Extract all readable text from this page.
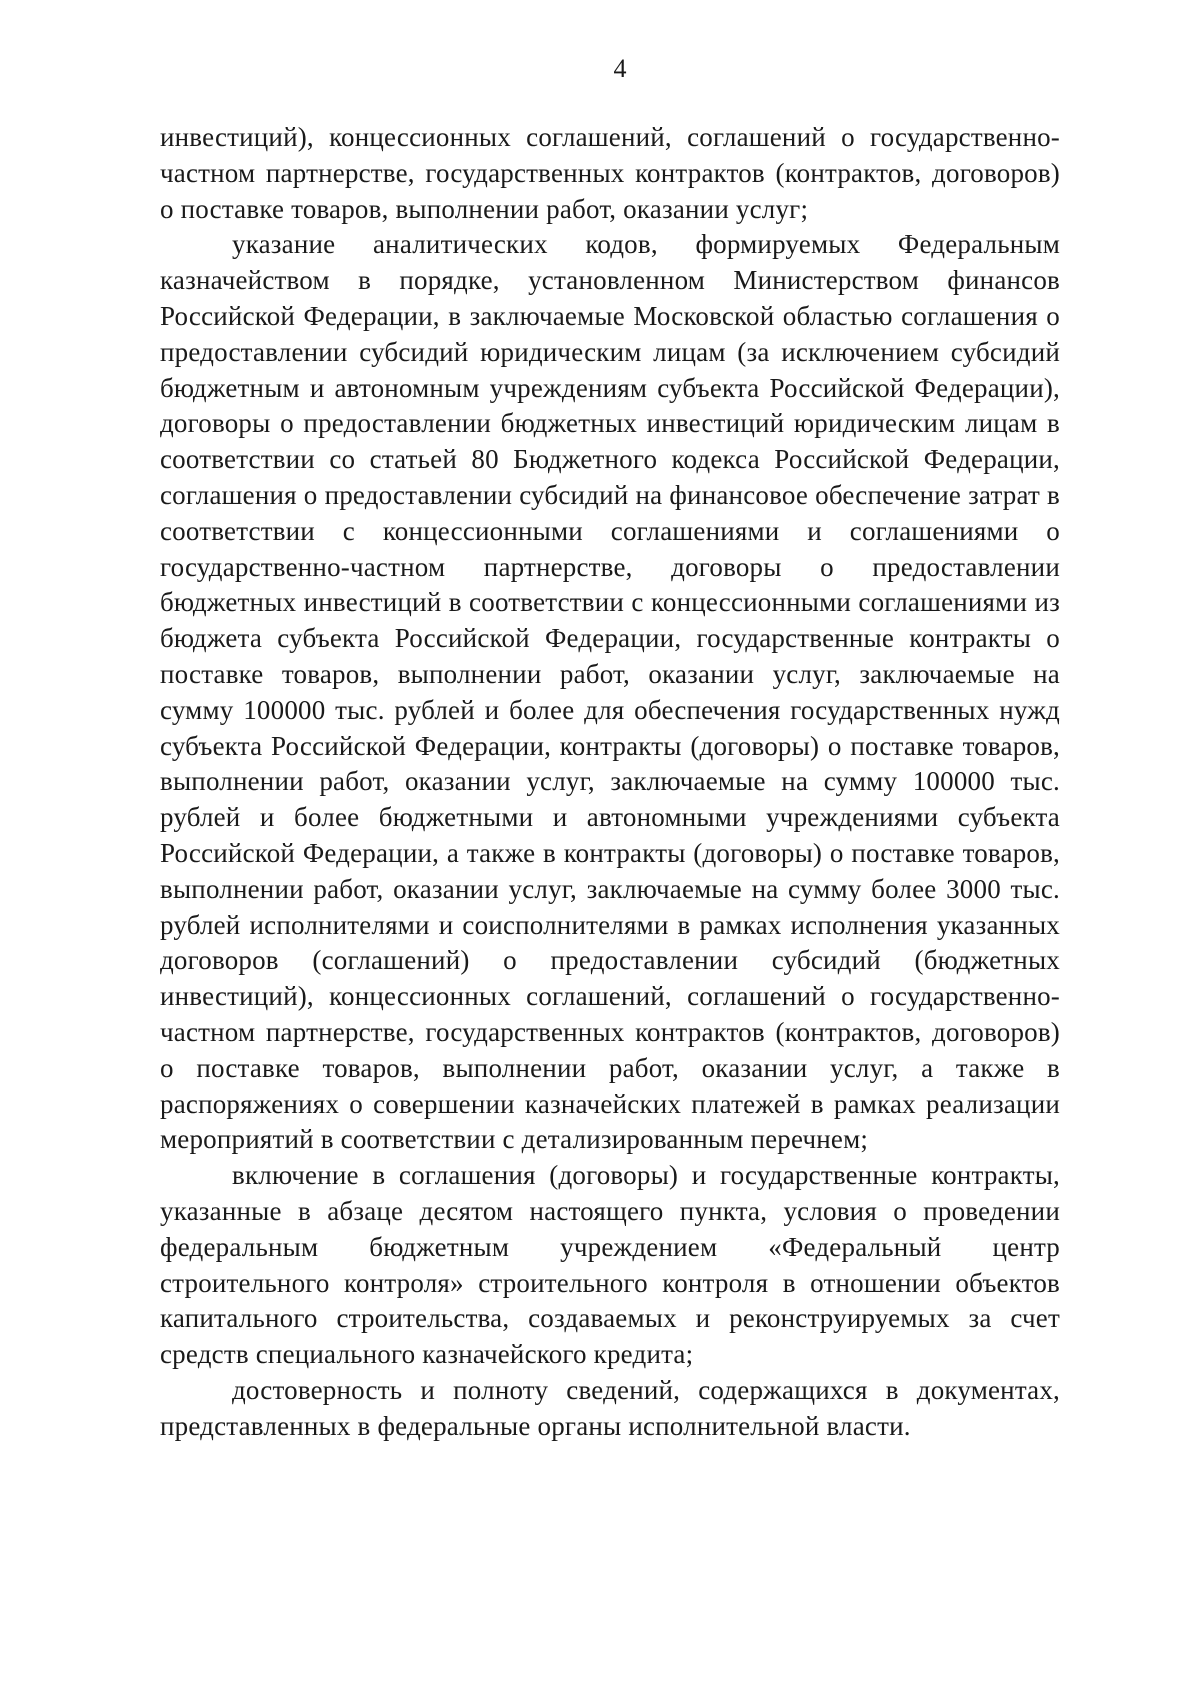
4

инвестиций), концессионных соглашений, соглашений о государственно-частном партнерстве, государственных контрактов (контрактов, договоров) о поставке товаров, выполнении работ, оказании услуг;

указание аналитических кодов, формируемых Федеральным казначейством в порядке, установленном Министерством финансов Российской Федерации, в заключаемые Московской областью соглашения о предоставлении субсидий юридическим лицам (за исключением субсидий бюджетным и автономным учреждениям субъекта Российской Федерации), договоры о предоставлении бюджетных инвестиций юридическим лицам в соответствии со статьей 80 Бюджетного кодекса Российской Федерации, соглашения о предоставлении субсидий на финансовое обеспечение затрат в соответствии с концессионными соглашениями и соглашениями о государственно-частном партнерстве, договоры о предоставлении бюджетных инвестиций в соответствии с концессионными соглашениями из бюджета субъекта Российской Федерации, государственные контракты о поставке товаров, выполнении работ, оказании услуг, заключаемые на сумму 100000 тыс. рублей и более для обеспечения государственных нужд субъекта Российской Федерации, контракты (договоры) о поставке товаров, выполнении работ, оказании услуг, заключаемые на сумму 100000 тыс. рублей и более бюджетными и автономными учреждениями субъекта Российской Федерации, а также в контракты (договоры) о поставке товаров, выполнении работ, оказании услуг, заключаемые на сумму более 3000 тыс. рублей исполнителями и соисполнителями в рамках исполнения указанных договоров (соглашений) о предоставлении субсидий (бюджетных инвестиций), концессионных соглашений, соглашений о государственно-частном партнерстве, государственных контрактов (контрактов, договоров) о поставке товаров, выполнении работ, оказании услуг, а также в распоряжениях о совершении казначейских платежей в рамках реализации мероприятий в соответствии с детализированным перечнем;

включение в соглашения (договоры) и государственные контракты, указанные в абзаце десятом настоящего пункта, условия о проведении федеральным бюджетным учреждением «Федеральный центр строительного контроля» строительного контроля в отношении объектов капитального строительства, создаваемых и реконструируемых за счет средств специального казначейского кредита;

достоверность и полноту сведений, содержащихся в документах, представленных в федеральные органы исполнительной власти.
